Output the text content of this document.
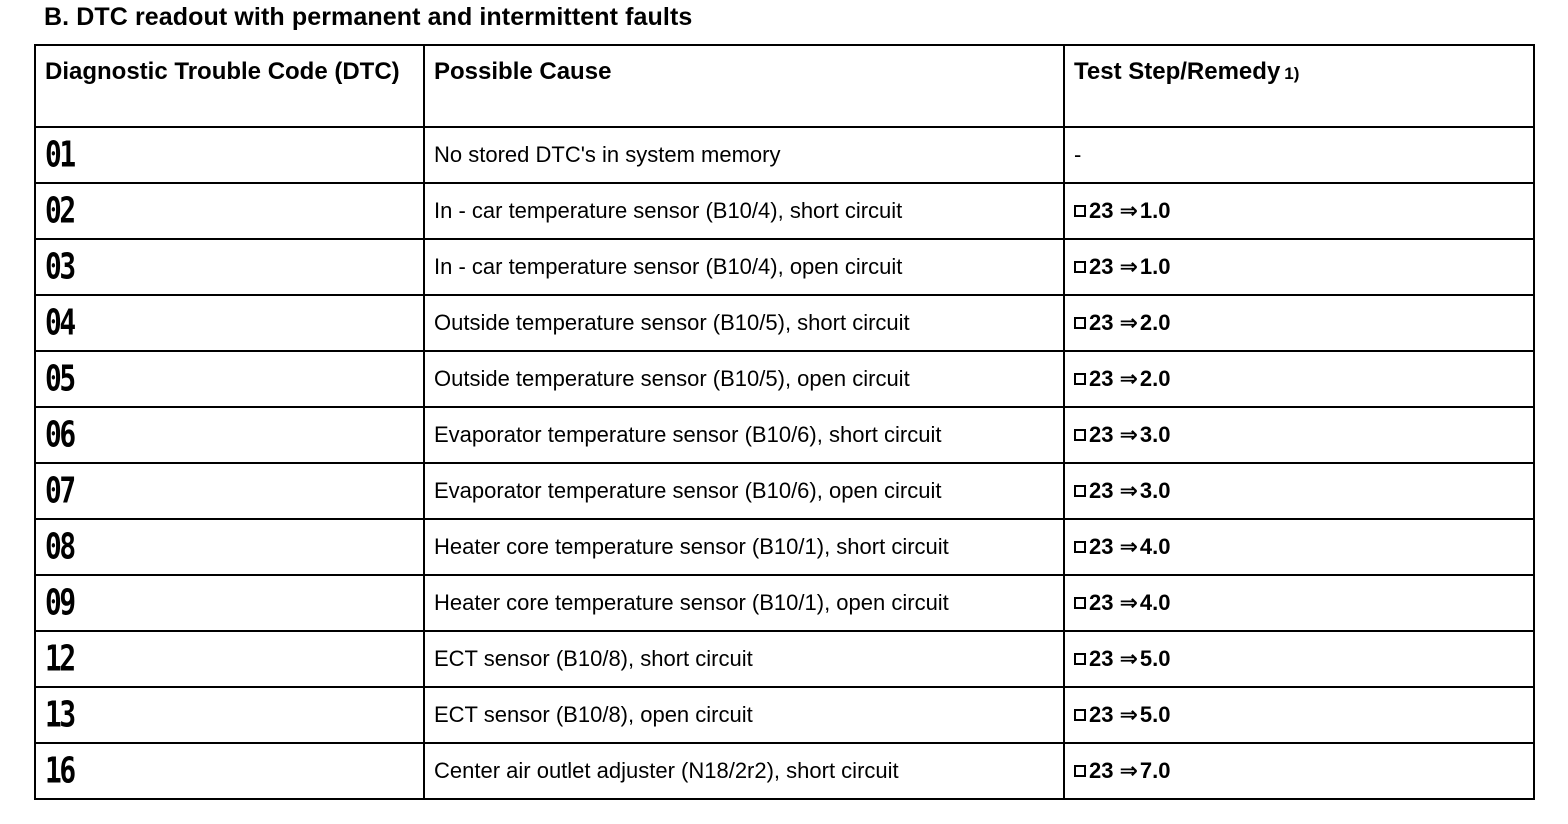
B. DTC readout with permanent and intermittent faults
Diagnostic Trouble Code (DTC)	Possible Cause	Test Step/Remedy 1)
01	No stored DTC's in system memory	-
02	In - car temperature sensor (B10/4), short circuit	23 ⇒1.0
03	In - car temperature sensor (B10/4), open circuit	23 ⇒1.0
04	Outside temperature sensor (B10/5), short circuit	23 ⇒2.0
05	Outside temperature sensor (B10/5), open circuit	23 ⇒2.0
06	Evaporator temperature sensor (B10/6), short circuit	23 ⇒3.0
07	Evaporator temperature sensor (B10/6), open circuit	23 ⇒3.0
08	Heater core temperature sensor (B10/1), short circuit	23 ⇒4.0
09	Heater core temperature sensor (B10/1), open circuit	23 ⇒4.0
12	ECT sensor (B10/8), short circuit	23 ⇒5.0
13	ECT sensor (B10/8), open circuit	23 ⇒5.0
16	Center air outlet adjuster (N18/2r2), short circuit	23 ⇒7.0
